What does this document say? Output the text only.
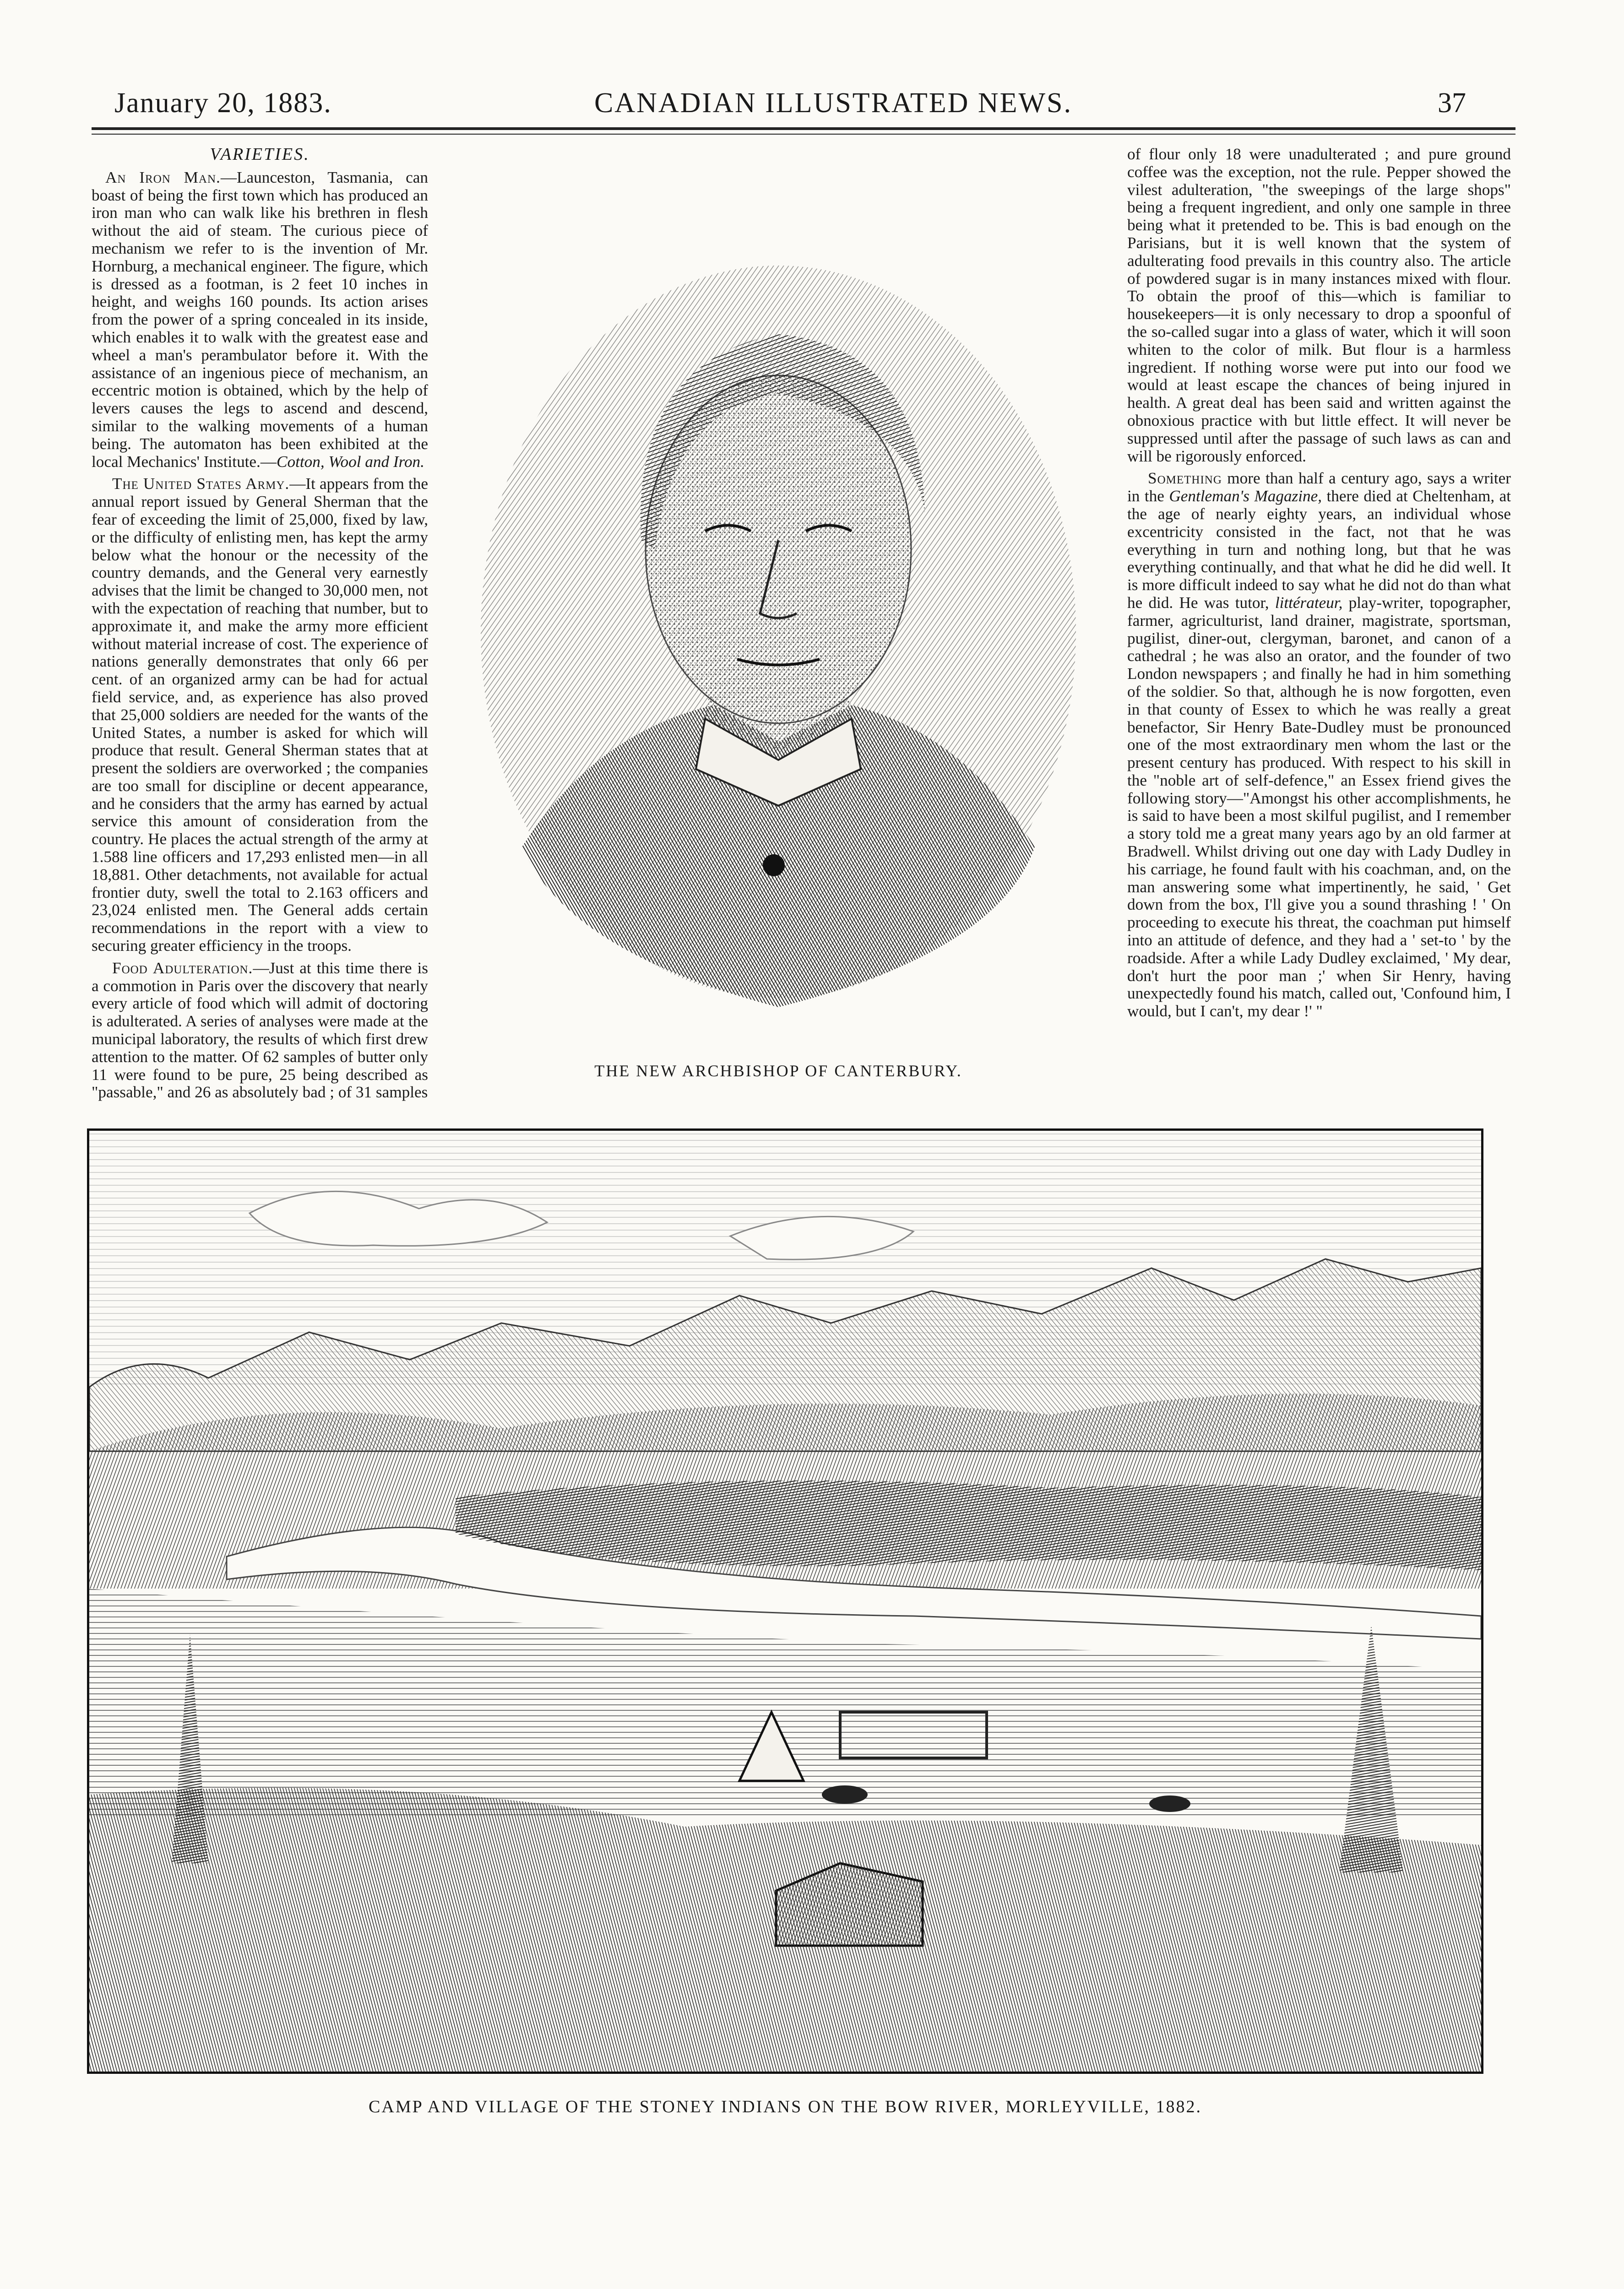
January 20, 1883.	CANADIAN ILLUSTRATED NEWS.	37
VARIETIES.

An Iron Man.—Launceston, Tasmania, can boast of being the first town which has produced an iron man who can walk like his brethren in flesh without the aid of steam. The curious piece of mechanism we refer to is the invention of Mr. Hornburg, a mechanical engineer. The figure, which is dressed as a footman, is 2 feet 10 inches in height, and weighs 160 pounds. Its action arises from the power of a spring concealed in its inside, which enables it to walk with the greatest ease and wheel a man's perambulator before it. With the assistance of an ingenious piece of mechanism, an eccentric motion is obtained, which by the help of levers causes the legs to ascend and descend, similar to the walking movements of a human being. The automaton has been exhibited at the local Mechanics' Institute.—Cotton, Wool and Iron.

The United States Army.—It appears from the annual report issued by General Sherman that the fear of exceeding the limit of 25,000, fixed by law, or the difficulty of enlisting men, has kept the army below what the honour or the necessity of the country demands, and the General very earnestly advises that the limit be changed to 30,000 men, not with the expectation of reaching that number, but to approximate it, and make the army more efficient without material increase of cost. The experience of nations generally demonstrates that only 66 per cent. of an organized army can be had for actual field service, and, as experience has also proved that 25,000 soldiers are needed for the wants of the United States, a number is asked for which will produce that result. General Sherman states that at present the soldiers are overworked ; the companies are too small for discipline or decent appearance, and he considers that the army has earned by actual service this amount of consideration from the country. He places the actual strength of the army at 1.588 line officers and 17,293 enlisted men—in all 18,881. Other detachments, not available for actual frontier duty, swell the total to 2.163 officers and 23,024 enlisted men. The General adds certain recommendations in the report with a view to securing greater efficiency in the troops.

Food Adulteration.—Just at this time there is a commotion in Paris over the discovery that nearly every article of food which will admit of doctoring is adulterated. A series of analyses were made at the municipal laboratory, the results of which first drew attention to the matter. Of 62 samples of butter only 11 were found to be pure, 25 being described as "passable," and 26 as absolutely bad ; of 31 samples

THE NEW ARCHBISHOP OF CANTERBURY.

of flour only 18 were unadulterated ; and pure ground coffee was the exception, not the rule. Pepper showed the vilest adulteration, "the sweepings of the large shops" being a frequent ingredient, and only one sample in three being what it pretended to be. This is bad enough on the Parisians, but it is well known that the system of adulterating food prevails in this country also. The article of powdered sugar is in many instances mixed with flour. To obtain the proof of this—which is familiar to housekeepers—it is only necessary to drop a spoonful of the so-called sugar into a glass of water, which it will soon whiten to the color of milk. But flour is a harmless ingredient. If nothing worse were put into our food we would at least escape the chances of being injured in health. A great deal has been said and written against the obnoxious practice with but little effect. It will never be suppressed until after the passage of such laws as can and will be rigorously enforced.

Something more than half a century ago, says a writer in the Gentleman's Magazine, there died at Cheltenham, at the age of nearly eighty years, an individual whose excentricity consisted in the fact, not that he was everything in turn and nothing long, but that he was everything continually, and that what he did he did well. It is more difficult indeed to say what he did not do than what he did. He was tutor, littérateur, play-writer, topographer, farmer, agriculturist, land drainer, magistrate, sportsman, pugilist, diner-out, clergyman, baronet, and canon of a cathedral ; he was also an orator, and the founder of two London newspapers ; and finally he had in him something of the soldier. So that, although he is now forgotten, even in that county of Essex to which he was really a great benefactor, Sir Henry Bate-Dudley must be pronounced one of the most extraordinary men whom the last or the present century has produced. With respect to his skill in the "noble art of self-defence," an Essex friend gives the following story—"Amongst his other accomplishments, he is said to have been a most skilful pugilist, and I remember a story told me a great many years ago by an old farmer at Bradwell. Whilst driving out one day with Lady Dudley in his carriage, he found fault with his coachman, and, on the man answering some what impertinently, he said, ' Get down from the box, I'll give you a sound thrashing ! ' On proceeding to execute his threat, the coachman put himself into an attitude of defence, and they had a ' set-to ' by the roadside. After a while Lady Dudley exclaimed, ' My dear, don't hurt the poor man ;' when Sir Henry, having unexpectedly found his match, called out, 'Confound him, I would, but I can't, my dear !' "

CAMP AND VILLAGE OF THE STONEY INDIANS ON THE BOW RIVER, MORLEYVILLE, 1882.
